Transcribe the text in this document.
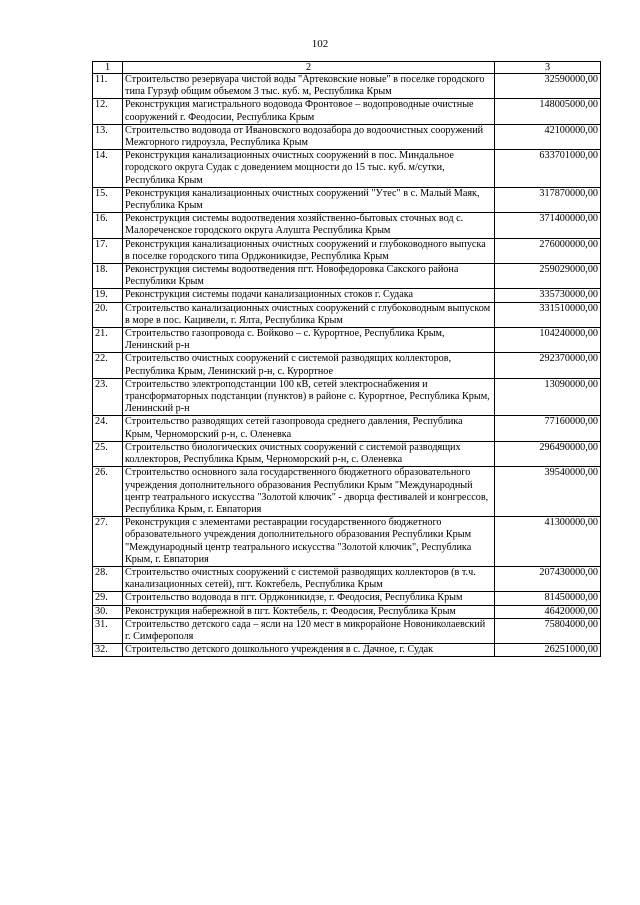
102
1	2	3
11.	Строительство резервуара чистой воды "Артековские новые" в поселке городского типа Гурзуф общим объемом 3 тыс. куб. м, Республика Крым	32590000,00
12.	Реконструкция магистрального водовода Фронтовое – водопроводные очистные сооружений г. Феодосии, Республика Крым	148005000,00
13.	Строительство водовода от Ивановского водозабора до водоочистных сооружений Межгорного гидроузла, Республика Крым	42100000,00
14.	Реконструкция канализационных очистных сооружений в пос. Миндальное городского округа Судак с доведением мощности до 15 тыс. куб. м/сутки, Республика Крым	633701000,00
15.	Реконструкция канализационных очистных сооружений "Утес" в с. Малый Маяк, Республика Крым	317870000,00
16.	Реконструкция системы водоотведения хозяйственно-бытовых сточных вод с. Малореченское городского округа Алушта Республика Крым	371400000,00
17.	Реконструкция канализационных очистных сооружений и глубоководного выпуска в поселке городского типа Орджоникидзе, Республика Крым	276000000,00
18.	Реконструкция системы водоотведения пгт. Новофедоровка Сакского района Республики Крым	259029000,00
19.	Реконструкция системы подачи канализационных стоков г. Судака	335730000,00
20.	Строительство канализационных очистных сооружений с глубоководным выпуском в море в пос. Кацивели, г. Ялта, Республика Крым	331510000,00
21.	Строительство газопровода с. Войково – с. Курортное, Республика Крым, Ленинский р-н	104240000,00
22.	Строительство очистных сооружений с системой разводящих коллекторов, Республика Крым, Ленинский р-н, с. Курортное	292370000,00
23.	Строительство электроподстанции 100 кВ, сетей электроснабжения и трансформаторных подстанции (пунктов) в районе с. Курортное, Республика Крым, Ленинский р-н	13090000,00
24.	Строительство разводящих сетей газопровода среднего давления, Республика Крым, Черноморский р-н, с. Оленевка	77160000,00
25.	Строительство биологических очистных сооружений с системой разводящих коллекторов, Республика Крым, Черноморский р-н, с. Оленевка	296490000,00
26.	Строительство основного зала государственного бюджетного образовательного учреждения дополнительного образования Республики Крым "Международный центр театрального искусства "Золотой ключик" - дворца фестивалей и конгрессов, Республика Крым, г. Евпатория	39540000,00
27.	Реконструкция с элементами реставрации государственного бюджетного образовательного учреждения дополнительного образования Республики Крым "Международный центр театрального искусства "Золотой ключик", Республика Крым, г. Евпатория	41300000,00
28.	Строительство очистных сооружений с системой разводящих коллекторов (в т.ч. канализационных сетей), пгт. Коктебель, Республика Крым	207430000,00
29.	Строительство водовода в пгт. Орджоникидзе, г. Феодосия, Республика Крым	81450000,00
30.	Реконструкция набережной в пгт. Коктебель, г. Феодосия, Республика Крым	46420000,00
31.	Строительство детского сада – ясли на 120 мест в микрорайоне Новониколаевский г. Симферополя	75804000,00
32.	Строительство детского дошкольного учреждения в с. Дачное, г. Судак	26251000,00
